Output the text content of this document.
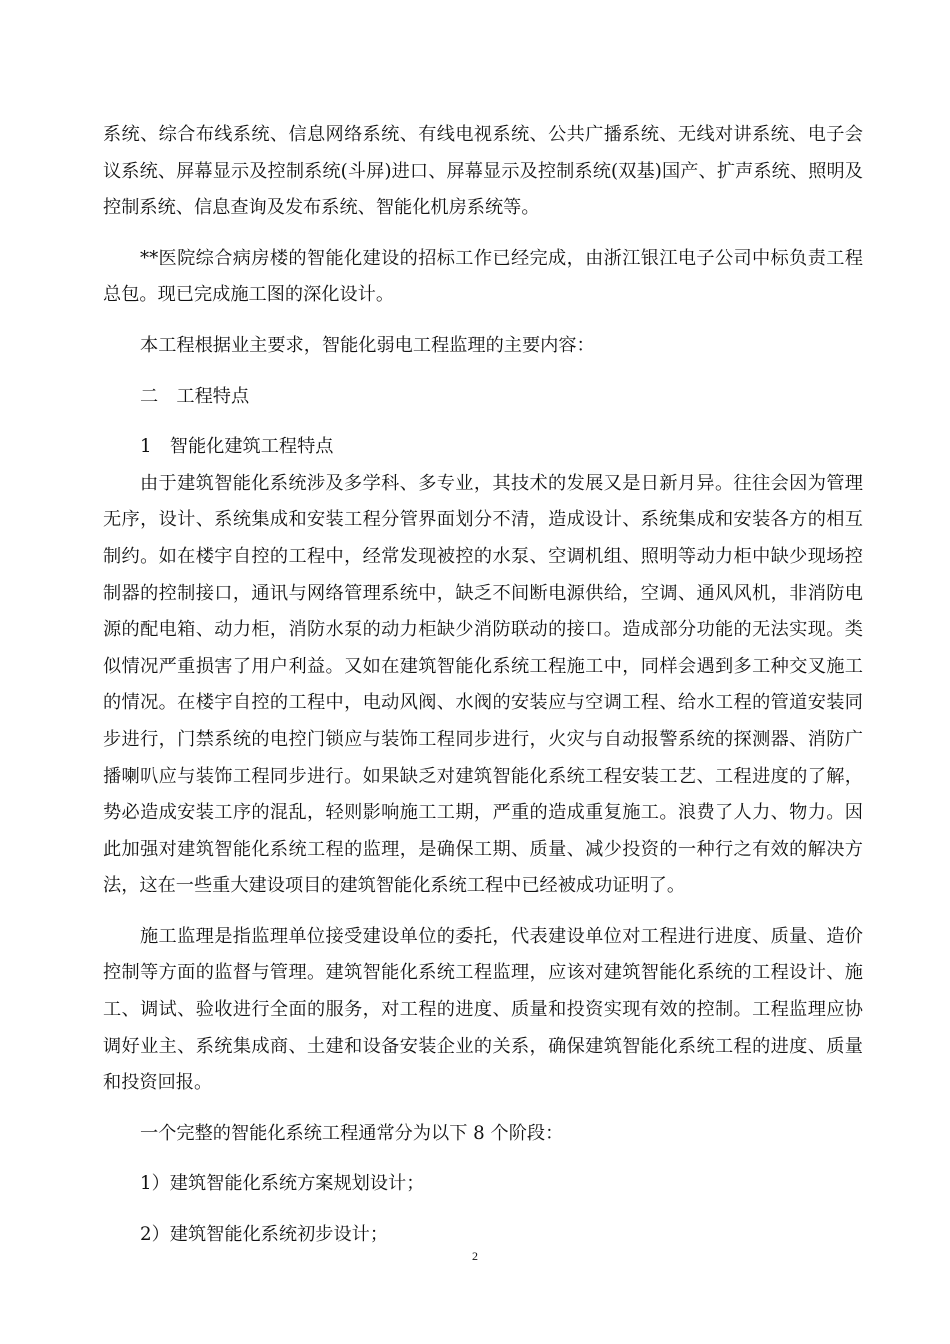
系统、综合布线系统、信息网络系统、有线电视系统、公共广播系统、无线对讲系统、电子会议系统、屏幕显示及控制系统(斗屏)进口、屏幕显示及控制系统(双基)国产、扩声系统、照明及控制系统、信息查询及发布系统、智能化机房系统等。

**医院综合病房楼的智能化建设的招标工作已经完成，由浙江银江电子公司中标负责工程总包。现已完成施工图的深化设计。

本工程根据业主要求，智能化弱电工程监理的主要内容：

二　工程特点

1　智能化建筑工程特点

由于建筑智能化系统涉及多学科、多专业，其技术的发展又是日新月异。往往会因为管理无序，设计、系统集成和安装工程分管界面划分不清，造成设计、系统集成和安装各方的相互制约。如在楼宇自控的工程中，经常发现被控的水泵、空调机组、照明等动力柜中缺少现场控制器的控制接口，通讯与网络管理系统中，缺乏不间断电源供给，空调、通风风机，非消防电源的配电箱、动力柜，消防水泵的动力柜缺少消防联动的接口。造成部分功能的无法实现。类似情况严重损害了用户利益。又如在建筑智能化系统工程施工中，同样会遇到多工种交叉施工的情况。在楼宇自控的工程中，电动风阀、水阀的安装应与空调工程、给水工程的管道安装同步进行，门禁系统的电控门锁应与装饰工程同步进行，火灾与自动报警系统的探测器、消防广播喇叭应与装饰工程同步进行。如果缺乏对建筑智能化系统工程安装工艺、工程进度的了解，势必造成安装工序的混乱，轻则影响施工工期，严重的造成重复施工。浪费了人力、物力。因此加强对建筑智能化系统工程的监理，是确保工期、质量、减少投资的一种行之有效的解决方法，这在一些重大建设项目的建筑智能化系统工程中已经被成功证明了。

施工监理是指监理单位接受建设单位的委托，代表建设单位对工程进行进度、质量、造价控制等方面的监督与管理。建筑智能化系统工程监理，应该对建筑智能化系统的工程设计、施工、调试、验收进行全面的服务，对工程的进度、质量和投资实现有效的控制。工程监理应协调好业主、系统集成商、土建和设备安装企业的关系，确保建筑智能化系统工程的进度、质量和投资回报。

一个完整的智能化系统工程通常分为以下 8 个阶段：

1）建筑智能化系统方案规划设计；

2）建筑智能化系统初步设计；

2
